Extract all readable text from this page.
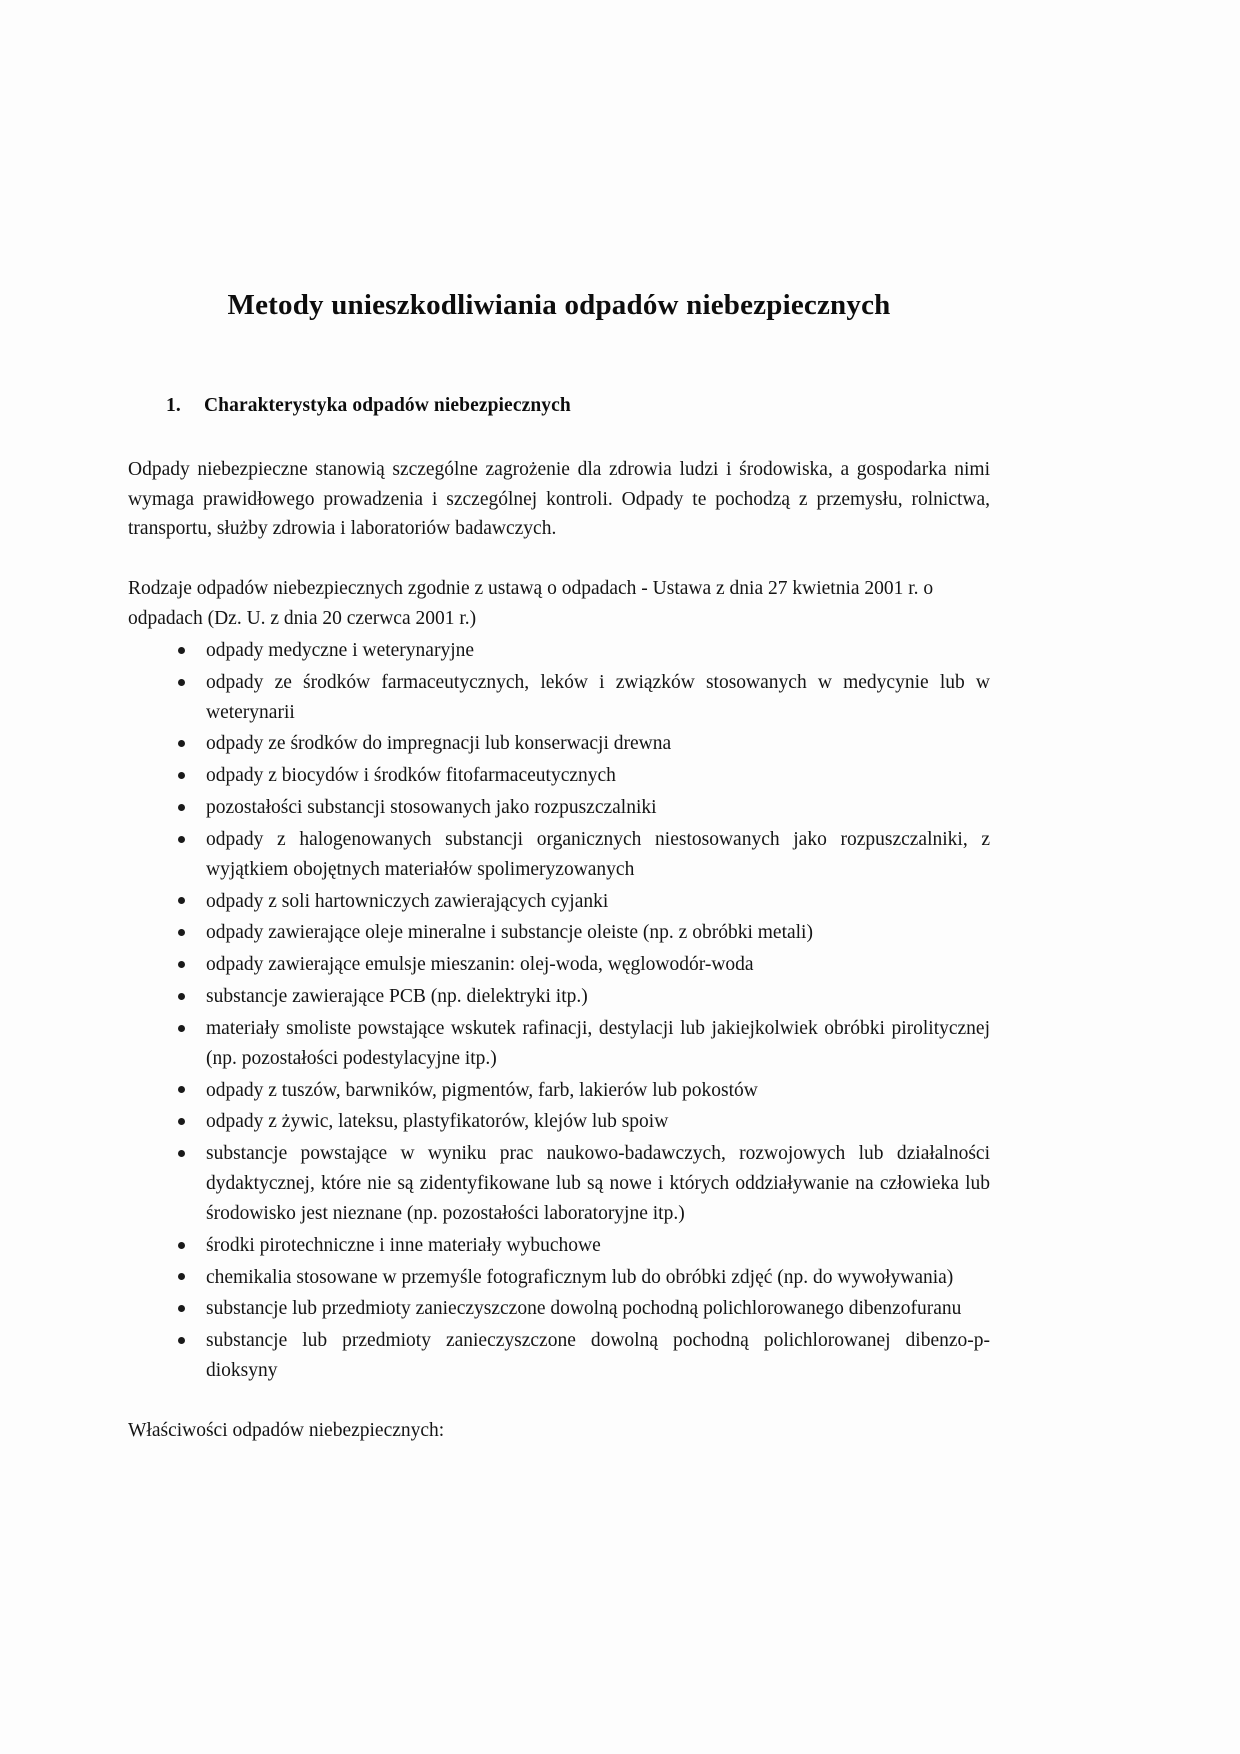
Metody unieszkodliwiania odpadów niebezpiecznych
1.	Charakterystyka odpadów niebezpiecznych

Odpady niebezpieczne stanowią szczególne zagrożenie dla zdrowia ludzi i środowiska, a gospodarka nimi wymaga prawidłowego prowadzenia i szczególnej kontroli. Odpady te pochodzą z przemysłu, rolnictwa, transportu, służby zdrowia i laboratoriów badawczych.

Rodzaje odpadów niebezpiecznych zgodnie z ustawą o odpadach - Ustawa z dnia 27 kwietnia 2001 r. o odpadach (Dz. U. z dnia 20 czerwca 2001 r.)

odpady medyczne i weterynaryjne
odpady ze środków farmaceutycznych, leków i związków stosowanych w medycynie lub w weterynarii
odpady ze środków do impregnacji lub konserwacji drewna
odpady z biocydów i środków fitofarmaceutycznych
pozostałości substancji stosowanych jako rozpuszczalniki
odpady z halogenowanych substancji organicznych niestosowanych jako rozpuszczalniki, z wyjątkiem obojętnych materiałów spolimeryzowanych
odpady z soli hartowniczych zawierających cyjanki
odpady zawierające oleje mineralne i substancje oleiste (np. z obróbki metali)
odpady zawierające emulsje mieszanin: olej-woda, węglowodór-woda
substancje zawierające PCB (np. dielektryki itp.)
materiały smoliste powstające wskutek rafinacji, destylacji lub jakiejkolwiek obróbki pirolitycznej (np. pozostałości podestylacyjne itp.)
odpady z tuszów, barwników, pigmentów, farb, lakierów lub pokostów
odpady z żywic, lateksu, plastyfikatorów, klejów lub spoiw
substancje powstające w wyniku prac naukowo-badawczych, rozwojowych lub działalności dydaktycznej, które nie są zidentyfikowane lub są nowe i których oddziaływanie na człowieka lub środowisko jest nieznane (np. pozostałości laboratoryjne itp.)
środki pirotechniczne i inne materiały wybuchowe
chemikalia stosowane w przemyśle fotograficznym lub do obróbki zdjęć (np. do wywoływania)
substancje lub przedmioty zanieczyszczone dowolną pochodną polichlorowanego dibenzofuranu
substancje lub przedmioty zanieczyszczone dowolną pochodną polichlorowanej dibenzo-p-dioksyny

Właściwości odpadów niebezpiecznych:
